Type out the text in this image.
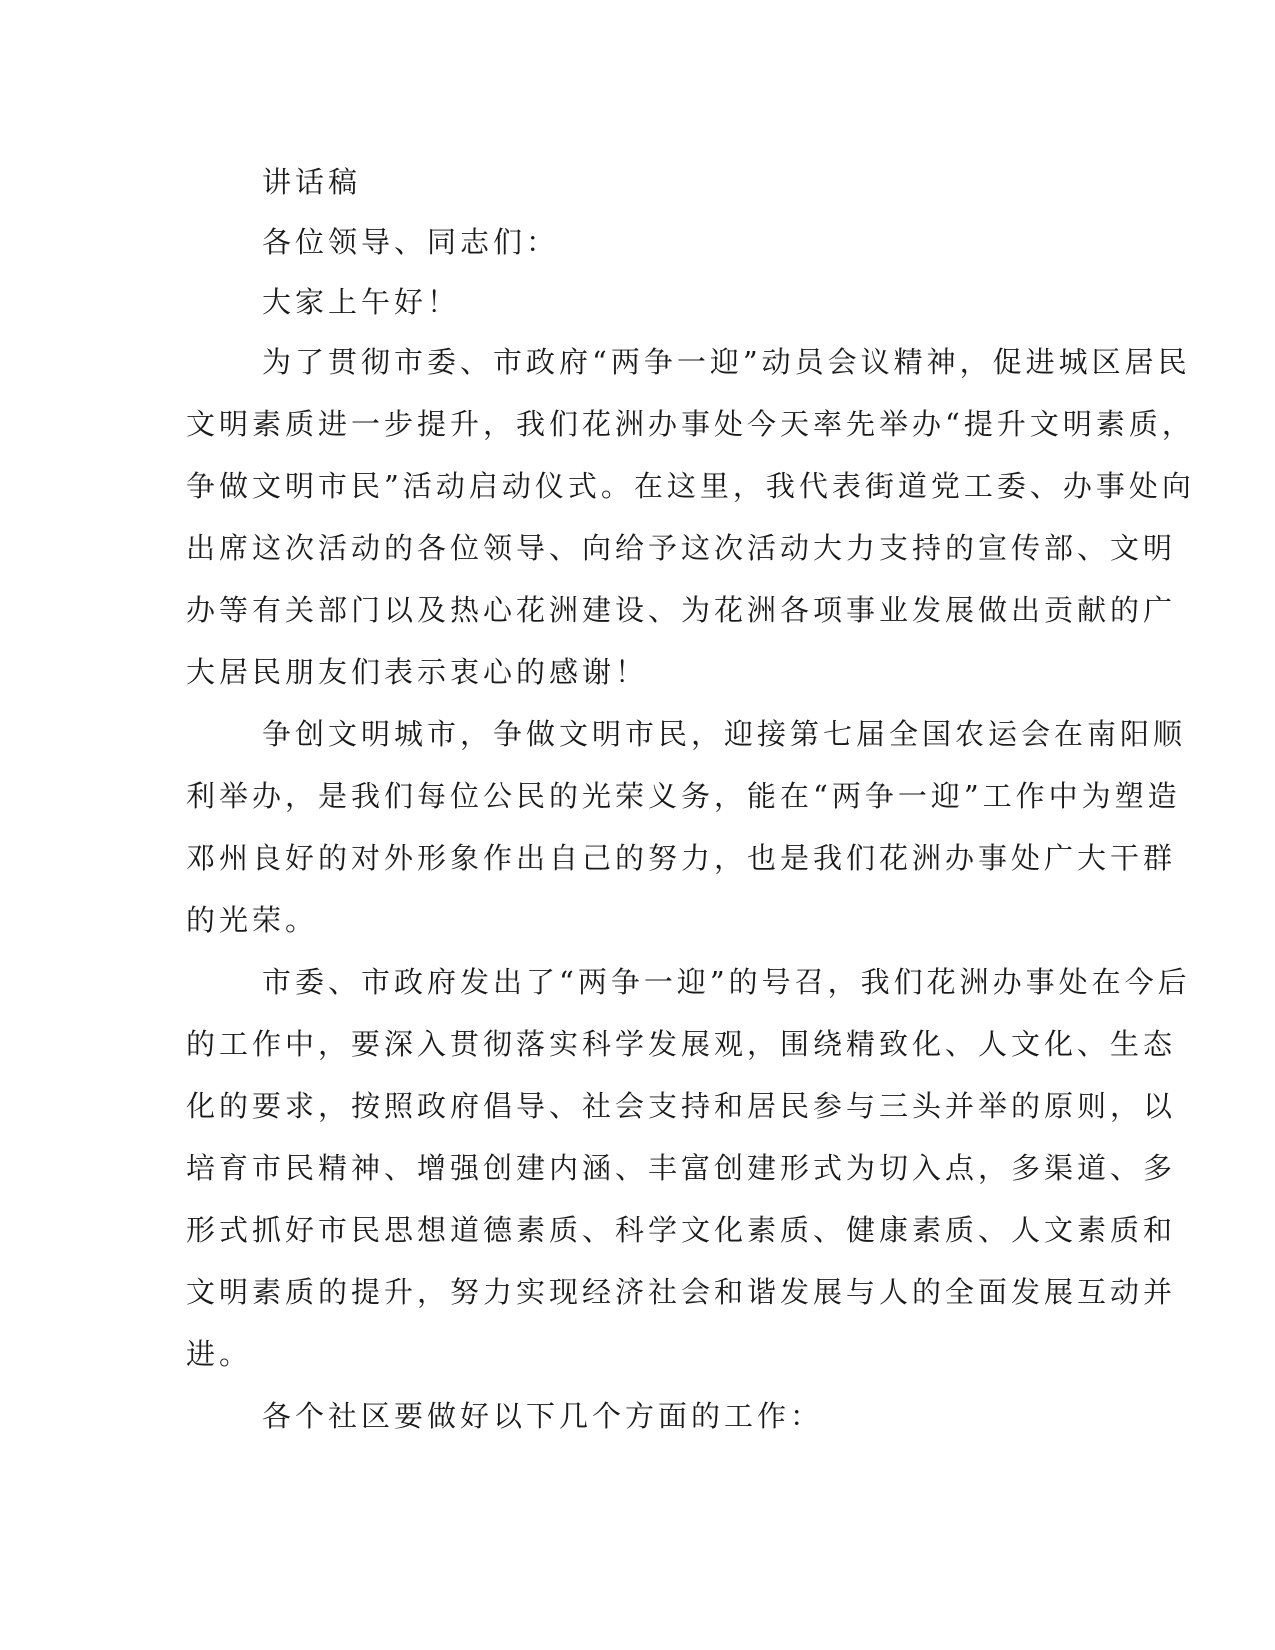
讲话稿
各位领导、同志们：
大家上午好！
为了贯彻市委、市政府“两争一迎”动员会议精神，促进城区居民
文明素质进一步提升，我们花洲办事处今天率先举办“提升文明素质，
争做文明市民”活动启动仪式。在这里，我代表街道党工委、办事处向
出席这次活动的各位领导、向给予这次活动大力支持的宣传部、文明
办等有关部门以及热心花洲建设、为花洲各项事业发展做出贡献的广
大居民朋友们表示衷心的感谢！
争创文明城市，争做文明市民，迎接第七届全国农运会在南阳顺
利举办，是我们每位公民的光荣义务，能在“两争一迎”工作中为塑造
邓州良好的对外形象作出自己的努力，也是我们花洲办事处广大干群
的光荣。
市委、市政府发出了“两争一迎”的号召，我们花洲办事处在今后
的工作中，要深入贯彻落实科学发展观，围绕精致化、人文化、生态
化的要求，按照政府倡导、社会支持和居民参与三头并举的原则，以
培育市民精神、增强创建内涵、丰富创建形式为切入点，多渠道、多
形式抓好市民思想道德素质、科学文化素质、健康素质、人文素质和
文明素质的提升，努力实现经济社会和谐发展与人的全面发展互动并
进。
各个社区要做好以下几个方面的工作：
